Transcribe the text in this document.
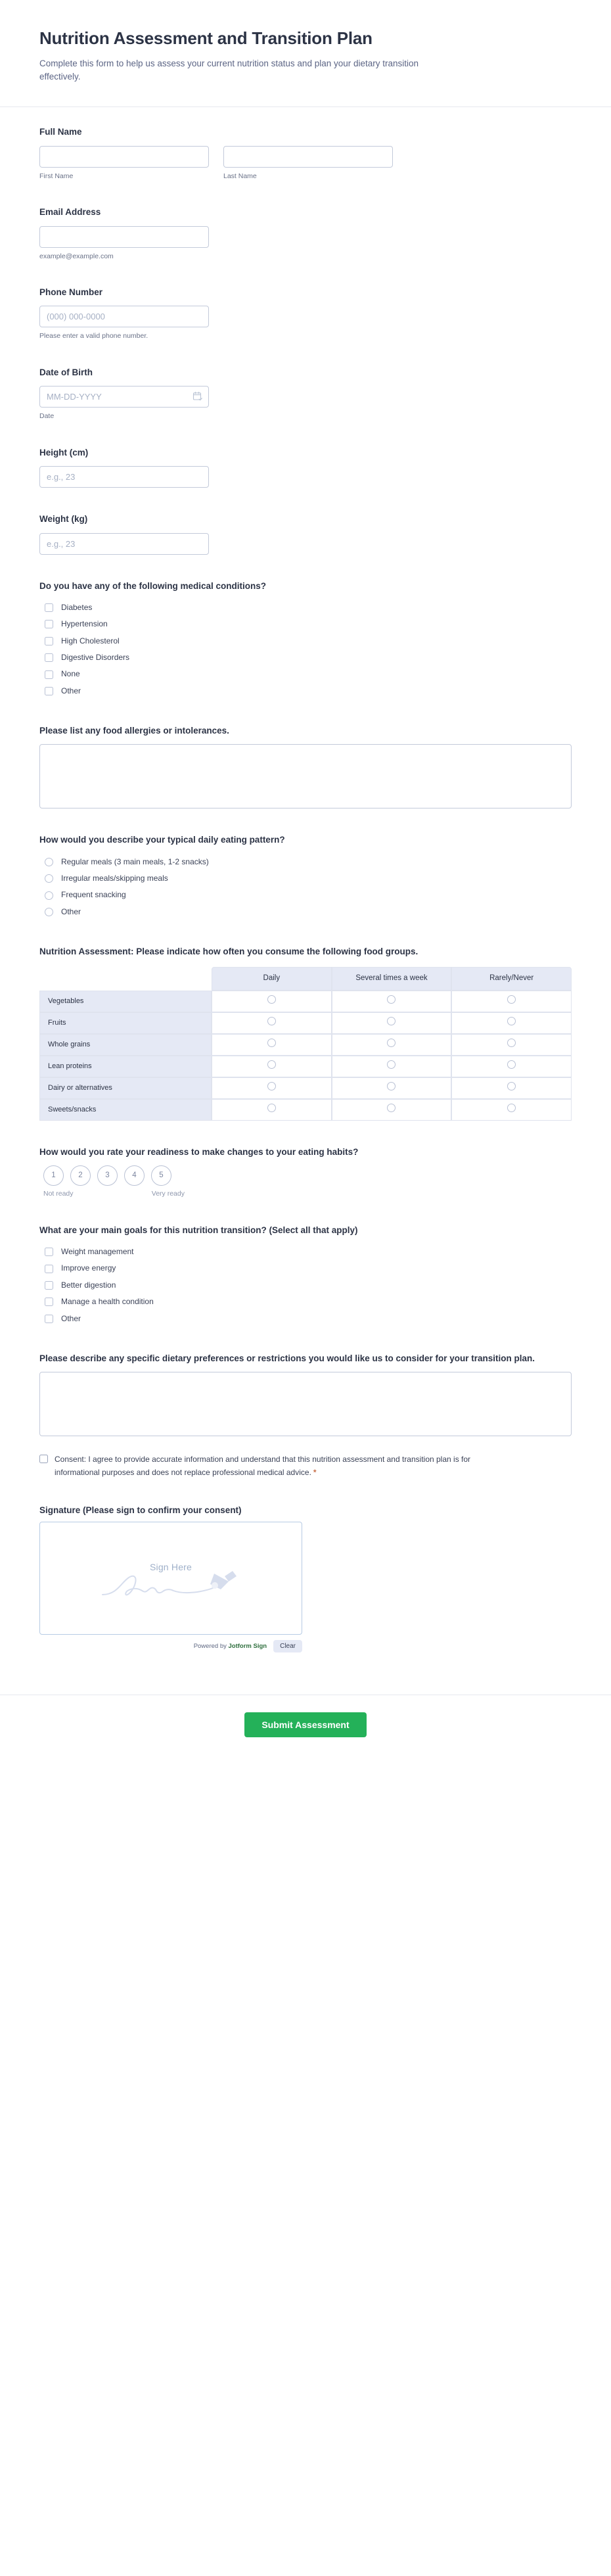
Nutrition Assessment and Transition Plan
Complete this form to help us assess your current nutrition status and plan your dietary transition effectively.
Full Name
First Name	Last Name
Email Address
example@example.com
Phone Number
(000) 000-0000
Please enter a valid phone number.
Date of Birth
MM-DD-YYYY
Date
Height (cm)
e.g., 23
Weight (kg)
e.g., 23
Do you have any of the following medical conditions?
Diabetes
Hypertension
High Cholesterol
Digestive Disorders
None
Other
Please list any food allergies or intolerances.
How would you describe your typical daily eating pattern?
Regular meals (3 main meals, 1-2 snacks)
Irregular meals/skipping meals
Frequent snacking
Other
Nutrition Assessment: Please indicate how often you consume the following food groups.
	Daily	Several times a week	Rarely/Never
Vegetables			
Fruits			
Whole grains			
Lean proteins			
Dairy or alternatives			
Sweets/snacks			
How would you rate your readiness to make changes to your eating habits?
1	2	3	4	5
Not ready	Very ready
What are your main goals for this nutrition transition? (Select all that apply)
Weight management
Improve energy
Better digestion
Manage a health condition
Other
Please describe any specific dietary preferences or restrictions you would like us to consider for your transition plan.
Consent: I agree to provide accurate information and understand that this nutrition assessment and transition plan is for informational purposes and does not replace professional medical advice. *
Signature (Please sign to confirm your consent)
Sign Here
Powered by Jotform Sign	Clear
Submit Assessment
